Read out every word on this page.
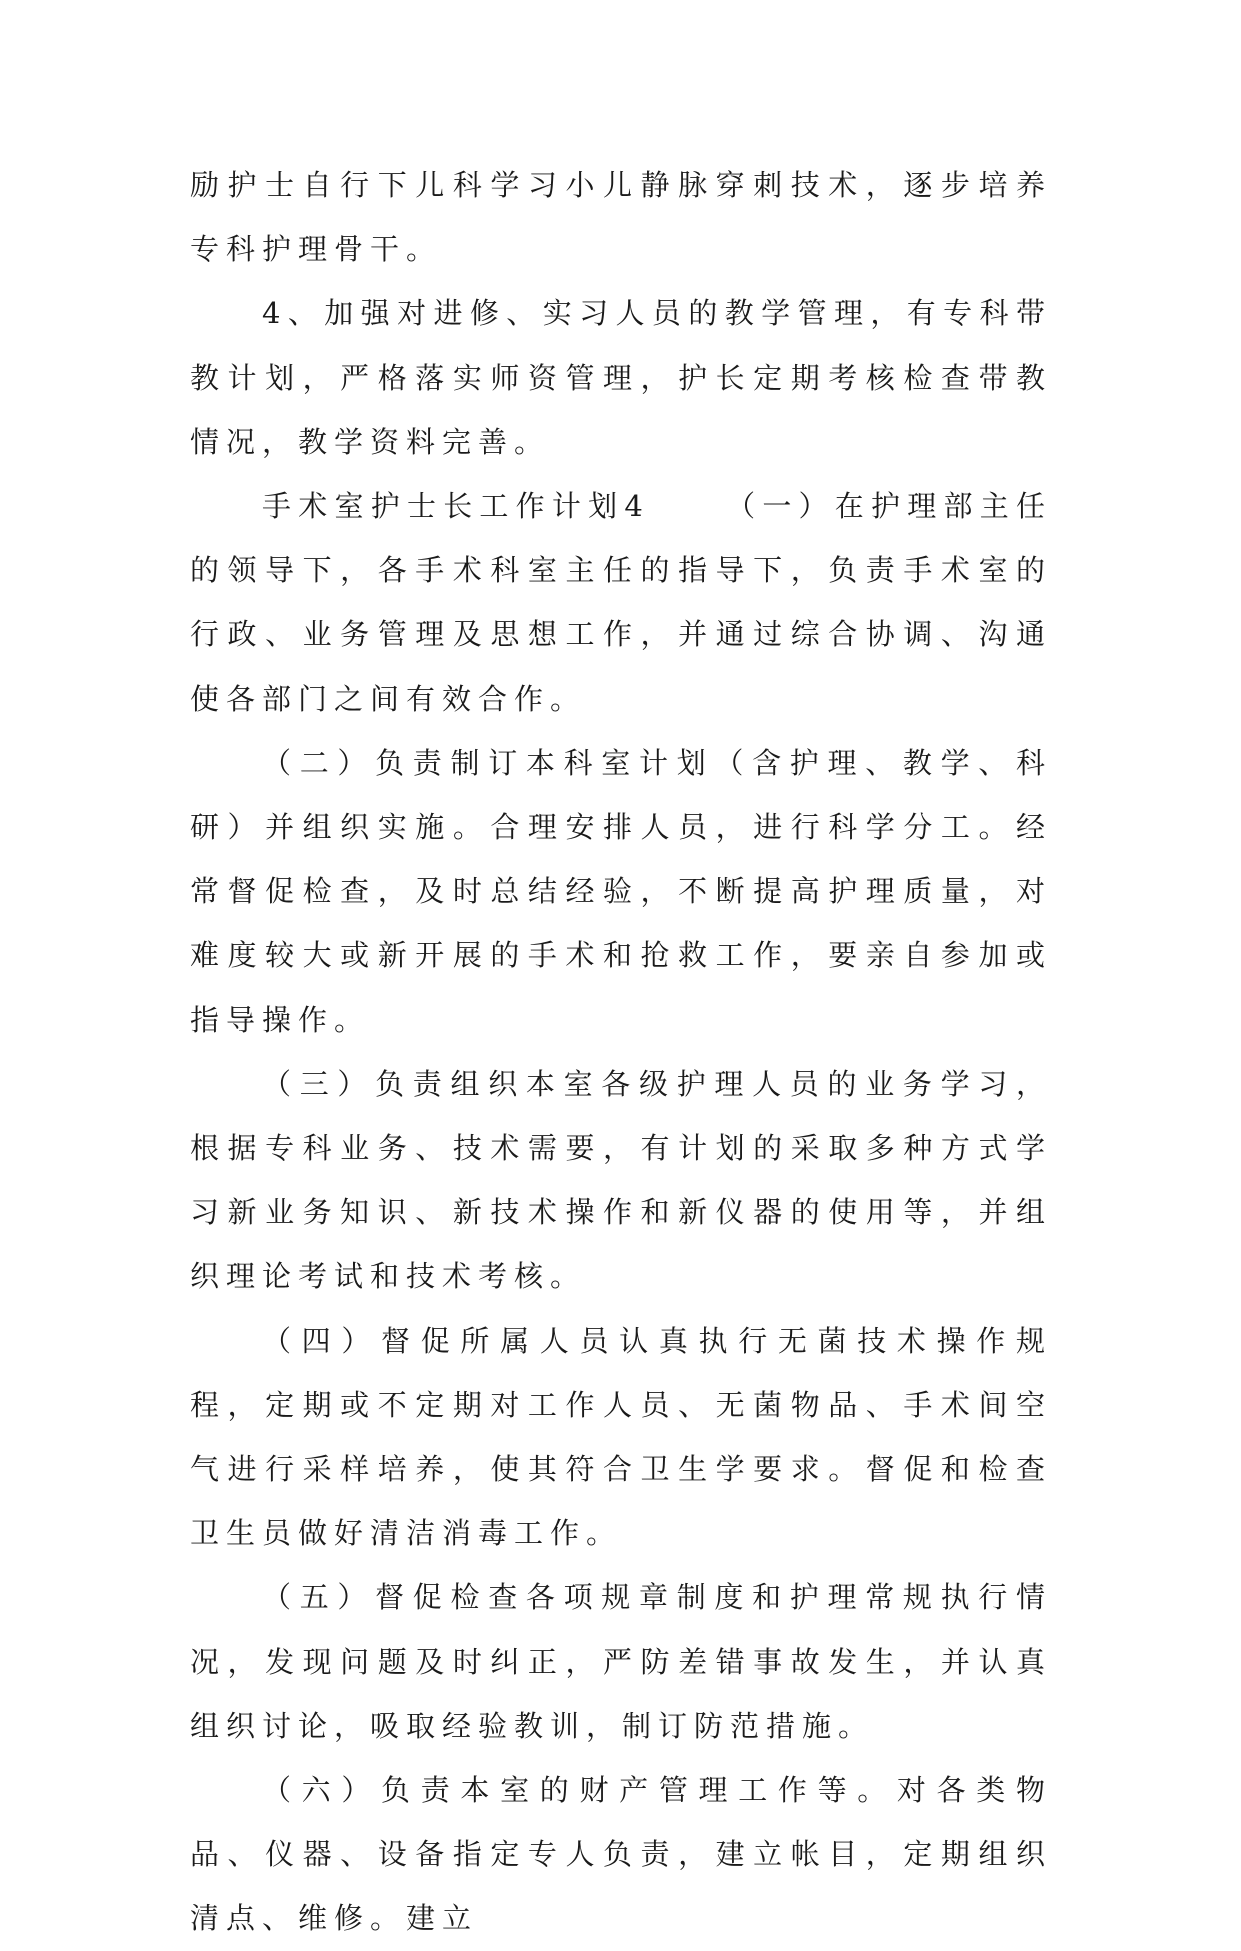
励护士自行下儿科学习小儿静脉穿刺技术，逐步培养专科护理骨干。

4、加强对进修、实习人员的教学管理，有专科带教计划，严格落实师资管理，护长定期考核检查带教情况，教学资料完善。

手术室护士长工作计划4	（一）在护理部主任的领导下，各手术科室主任的指导下，负责手术室的行政、业务管理及思想工作，并通过综合协调、沟通使各部门之间有效合作。

（二）负责制订本科室计划（含护理、教学、科研）并组织实施。合理安排人员，进行科学分工。经常督促检查，及时总结经验，不断提高护理质量，对难度较大或新开展的手术和抢救工作，要亲自参加或指导操作。

（三）负责组织本室各级护理人员的业务学习，根据专科业务、技术需要，有计划的采取多种方式学习新业务知识、新技术操作和新仪器的使用等，并组织理论考试和技术考核。

（四）督促所属人员认真执行无菌技术操作规程，定期或不定期对工作人员、无菌物品、手术间空气进行采样培养，使其符合卫生学要求。督促和检查卫生员做好清洁消毒工作。

（五）督促检查各项规章制度和护理常规执行情况，发现问题及时纠正，严防差错事故发生，并认真组织讨论，吸取经验教训，制订防范措施。

（六）负责本室的财产管理工作等。对各类物品、仪器、设备指定专人负责，建立帐目，定期组织清点、维修。建立
